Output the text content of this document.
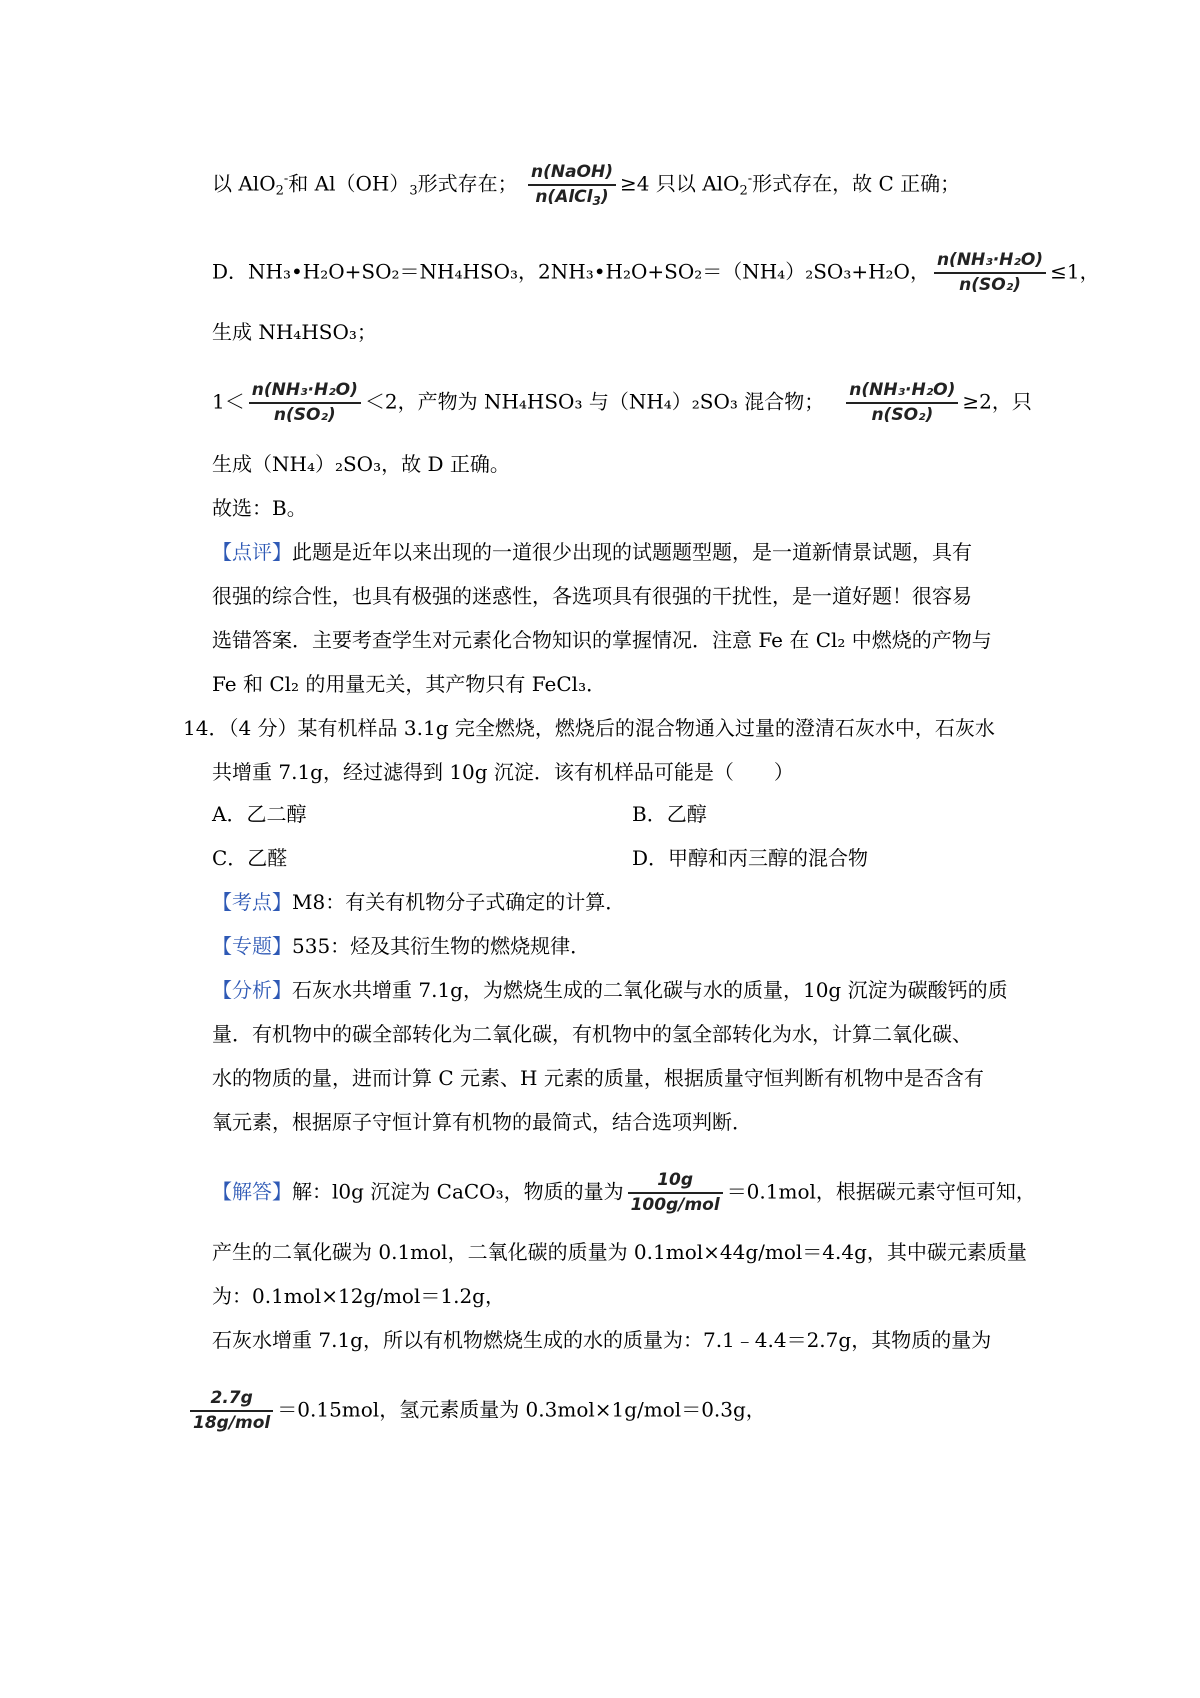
以 AlO$_2$-和 $Al(OH)_3$形式存在； $\frac{\text{n(NaOH)}}{n(AlCl_3)} \ge 4$ 只以 AlO$_2$-形式存在，故 C 正确；
D．NH₃•H₂O+SO₂＝NH₄HSO₃，2NH₃•H₂O+SO₂＝（NH₄）₂SO₃+H₂O， $\frac{\text{n(NH₃·H₂O)}}{\text{n(SO₂)}} \le 1$，
生成 NH₄HSO₃；
$1< \frac{\text{n(NH₃·H₂O)}}{\text{n(SO₂)}} <2$，产物为 NH₄HSO₃ 与（NH₄）₂SO₃ 混合物； $\frac{\text{n(NH₃·H₂O)}}{\text{n(SO₂)}} \ge 2$，只
生成（NH₄）₂SO₃，故 D 正确。
故选：B。
【点评】此题是近年以来出现的一道很少出现的试题题型题，是一道新情景试题，具有
很强的综合性，也具有极强的迷惑性，各选项具有很强的干扰性，是一道好题！很容易
选错答案．主要考查学生对元素化合物知识的掌握情况．注意 Fe 在 Cl₂ 中燃烧的产物与
Fe 和 Cl₂ 的用量无关，其产物只有 FeCl₃．
14．（4 分）某有机样品 3.1g 完全燃烧，燃烧后的混合物通入过量的澄清石灰水中，石灰水
共增重 7.1g，经过滤得到 10g 沉淀．该有机样品可能是（　　）
A．乙二醇	B．乙醇
C．乙醛	D．甲醇和丙三醇的混合物
【考点】M8：有关有机物分子式确定的计算．
【专题】535：烃及其衍生物的燃烧规律．
【分析】石灰水共增重 7.1g，为燃烧生成的二氧化碳与水的质量，10g 沉淀为碳酸钙的质
量．有机物中的碳全部转化为二氧化碳，有机物中的氢全部转化为水，计算二氧化碳、
水的物质的量，进而计算 C 元素、H 元素的质量，根据质量守恒判断有机物中是否含有
氧元素，根据原子守恒计算有机物的最简式，结合选项判断．
【解答】解：l0g 沉淀为 CaCO₃，物质的量为 $\frac{10g}{\text{100g/mol}} =0.1mol$，根据碳元素守恒可知，
产生的二氧化碳为 0.1mol，二氧化碳的质量为 0.1mol×44g/mol＝4.4g，其中碳元素质量
为：0.1mol×12g/mol＝1.2g，
石灰水增重 7.1g，所以有机物燃烧生成的水的质量为：7.1﹣4.4＝2.7g，其物质的量为
$\frac{2.7g}{\text{18g/mol}} =0.15mol$，氢元素质量为 0.3mol×1g/mol＝0.3g，
